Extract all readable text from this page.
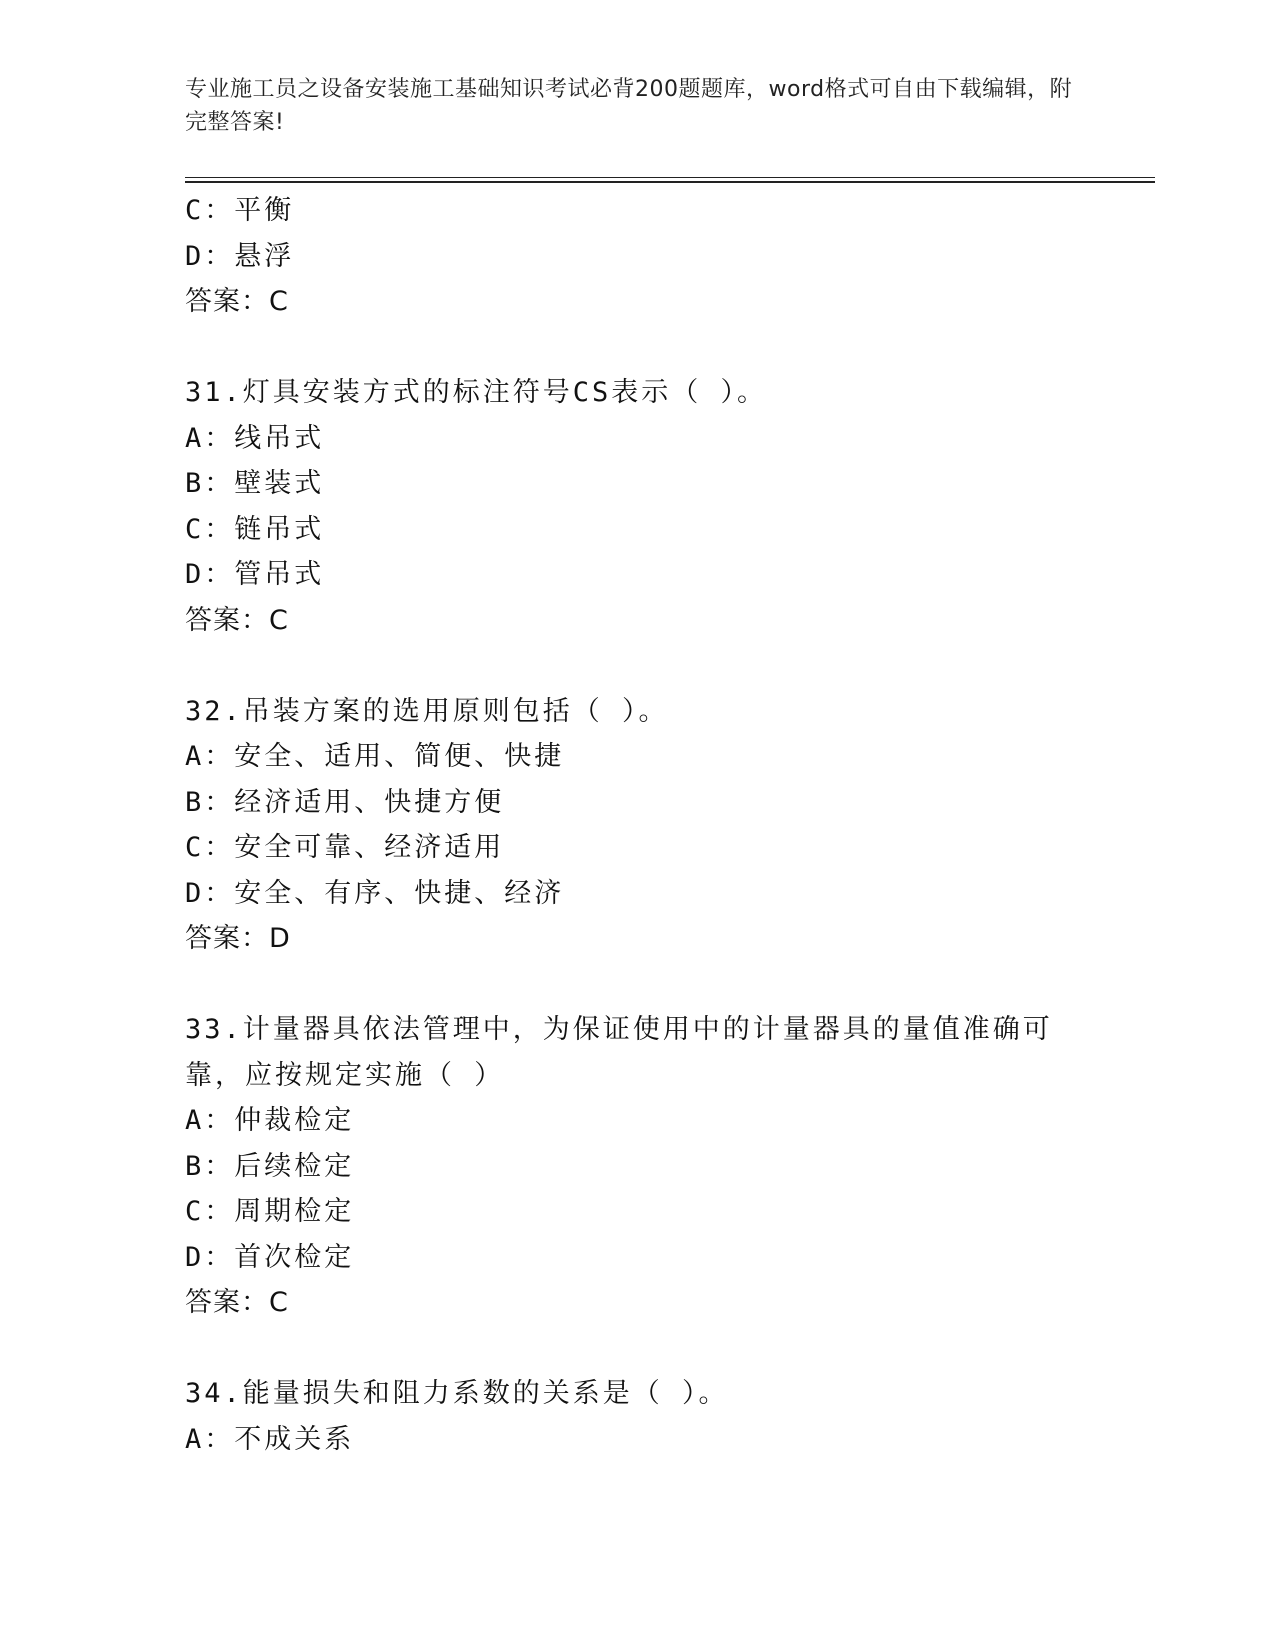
专业施工员之设备安装施工基础知识考试必背200题题库，word格式可自由下载编辑，附完整答案!
C：平衡
D：悬浮
答案：C
31.灯具安装方式的标注符号CS表示（ ）。
A：线吊式
B：壁装式
C：链吊式
D：管吊式
答案：C
32.吊装方案的选用原则包括（ ）。
A：安全、适用、简便、快捷
B：经济适用、快捷方便
C：安全可靠、经济适用
D：安全、有序、快捷、经济
答案：D
33.计量器具依法管理中，为保证使用中的计量器具的量值准确可靠，应按规定实施（ ）
A：仲裁检定
B：后续检定
C：周期检定
D：首次检定
答案：C
34.能量损失和阻力系数的关系是（ ）。
A：不成关系
